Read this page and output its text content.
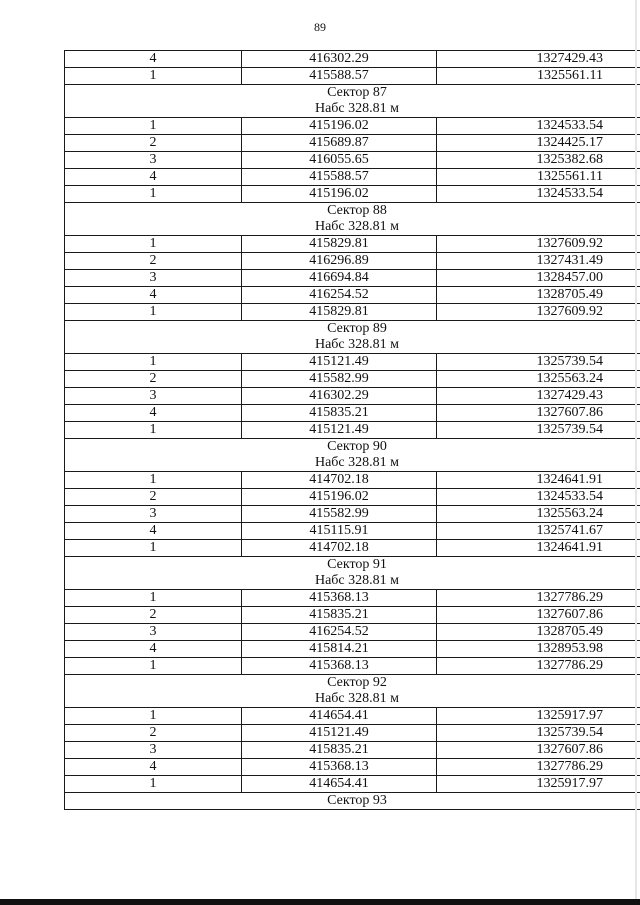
89
4	416302.29	1327429.43
1	415588.57	1325561.11

Сектор 87
Набс 328.81 м		

1	415196.02	1324533.54
2	415689.87	1324425.17
3	416055.65	1325382.68
4	415588.57	1325561.11
1	415196.02	1324533.54

Сектор 88
Набс 328.81 м		

1	415829.81	1327609.92
2	416296.89	1327431.49
3	416694.84	1328457.00
4	416254.52	1328705.49
1	415829.81	1327609.92

Сектор 89
Набс 328.81 м		

1	415121.49	1325739.54
2	415582.99	1325563.24
3	416302.29	1327429.43
4	415835.21	1327607.86
1	415121.49	1325739.54

Сектор 90
Набс 328.81 м		

1	414702.18	1324641.91
2	415196.02	1324533.54
3	415582.99	1325563.24
4	415115.91	1325741.67
1	414702.18	1324641.91

Сектор 91
Набс 328.81 м		

1	415368.13	1327786.29
2	415835.21	1327607.86
3	416254.52	1328705.49
4	415814.21	1328953.98
1	415368.13	1327786.29

Сектор 92
Набс 328.81 м		

1	414654.41	1325917.97
2	415121.49	1325739.54
3	415835.21	1327607.86
4	415368.13	1327786.29
1	414654.41	1325917.97

Сектор 93		
